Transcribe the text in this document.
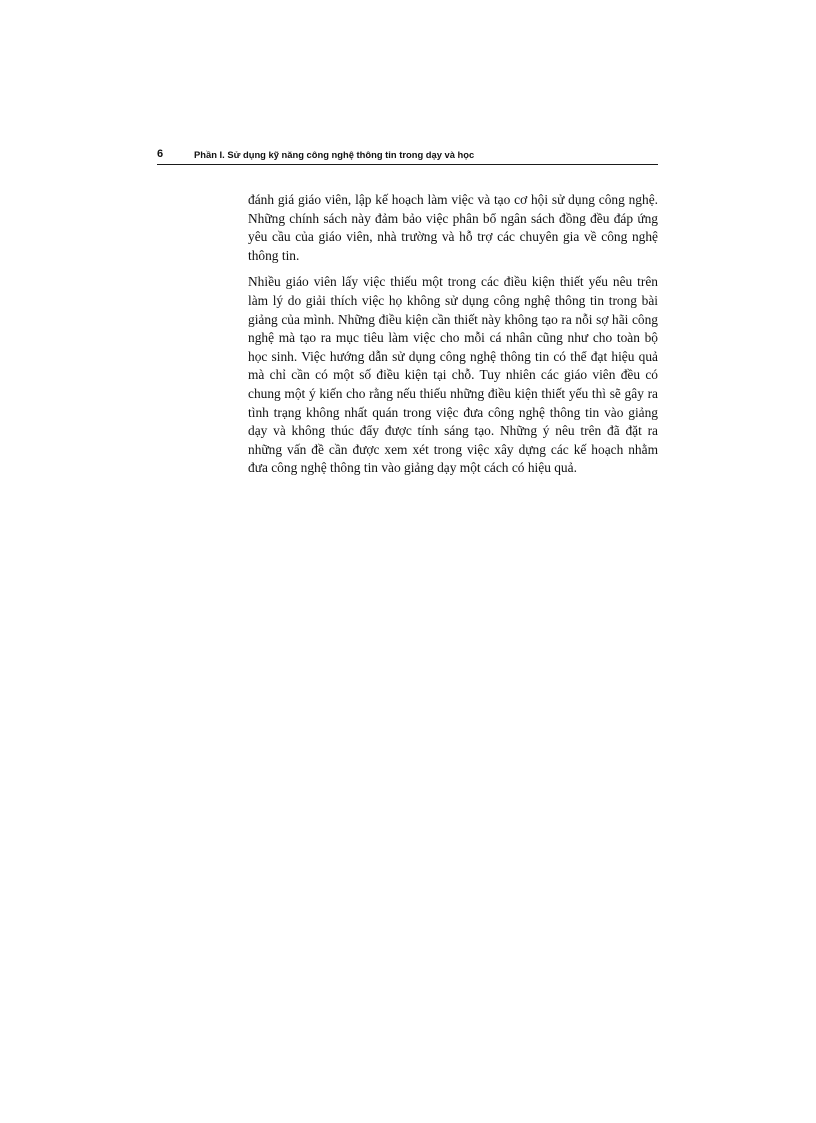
6	Phần I. Sử dụng kỹ năng công nghệ thông tin trong dạy và học

đánh giá giáo viên, lập kế hoạch làm việc và tạo cơ hội sử dụng công nghệ. Những chính sách này đảm bảo việc phân bổ ngân sách đồng đều đáp ứng yêu cầu của giáo viên, nhà trường và hỗ trợ các chuyên gia về công nghệ thông tin.

Nhiều giáo viên lấy việc thiếu một trong các điều kiện thiết yếu nêu trên làm lý do giải thích việc họ không sử dụng công nghệ thông tin trong bài giảng của mình. Những điều kiện cần thiết này không tạo ra nỗi sợ hãi công nghệ mà tạo ra mục tiêu làm việc cho mỗi cá nhân cũng như cho toàn bộ học sinh. Việc hướng dẫn sử dụng công nghệ thông tin có thể đạt hiệu quả mà chỉ cần có một số điều kiện tại chỗ. Tuy nhiên các giáo viên đều có chung một ý kiến cho rằng nếu thiếu những điều kiện thiết yếu thì sẽ gây ra tình trạng không nhất quán trong việc đưa công nghệ thông tin vào giảng dạy và không thúc đẩy được tính sáng tạo. Những ý nêu trên đã đặt ra những vấn đề cần được xem xét trong việc xây dựng các kế hoạch nhằm đưa công nghệ thông tin vào giảng dạy một cách có hiệu quả.
